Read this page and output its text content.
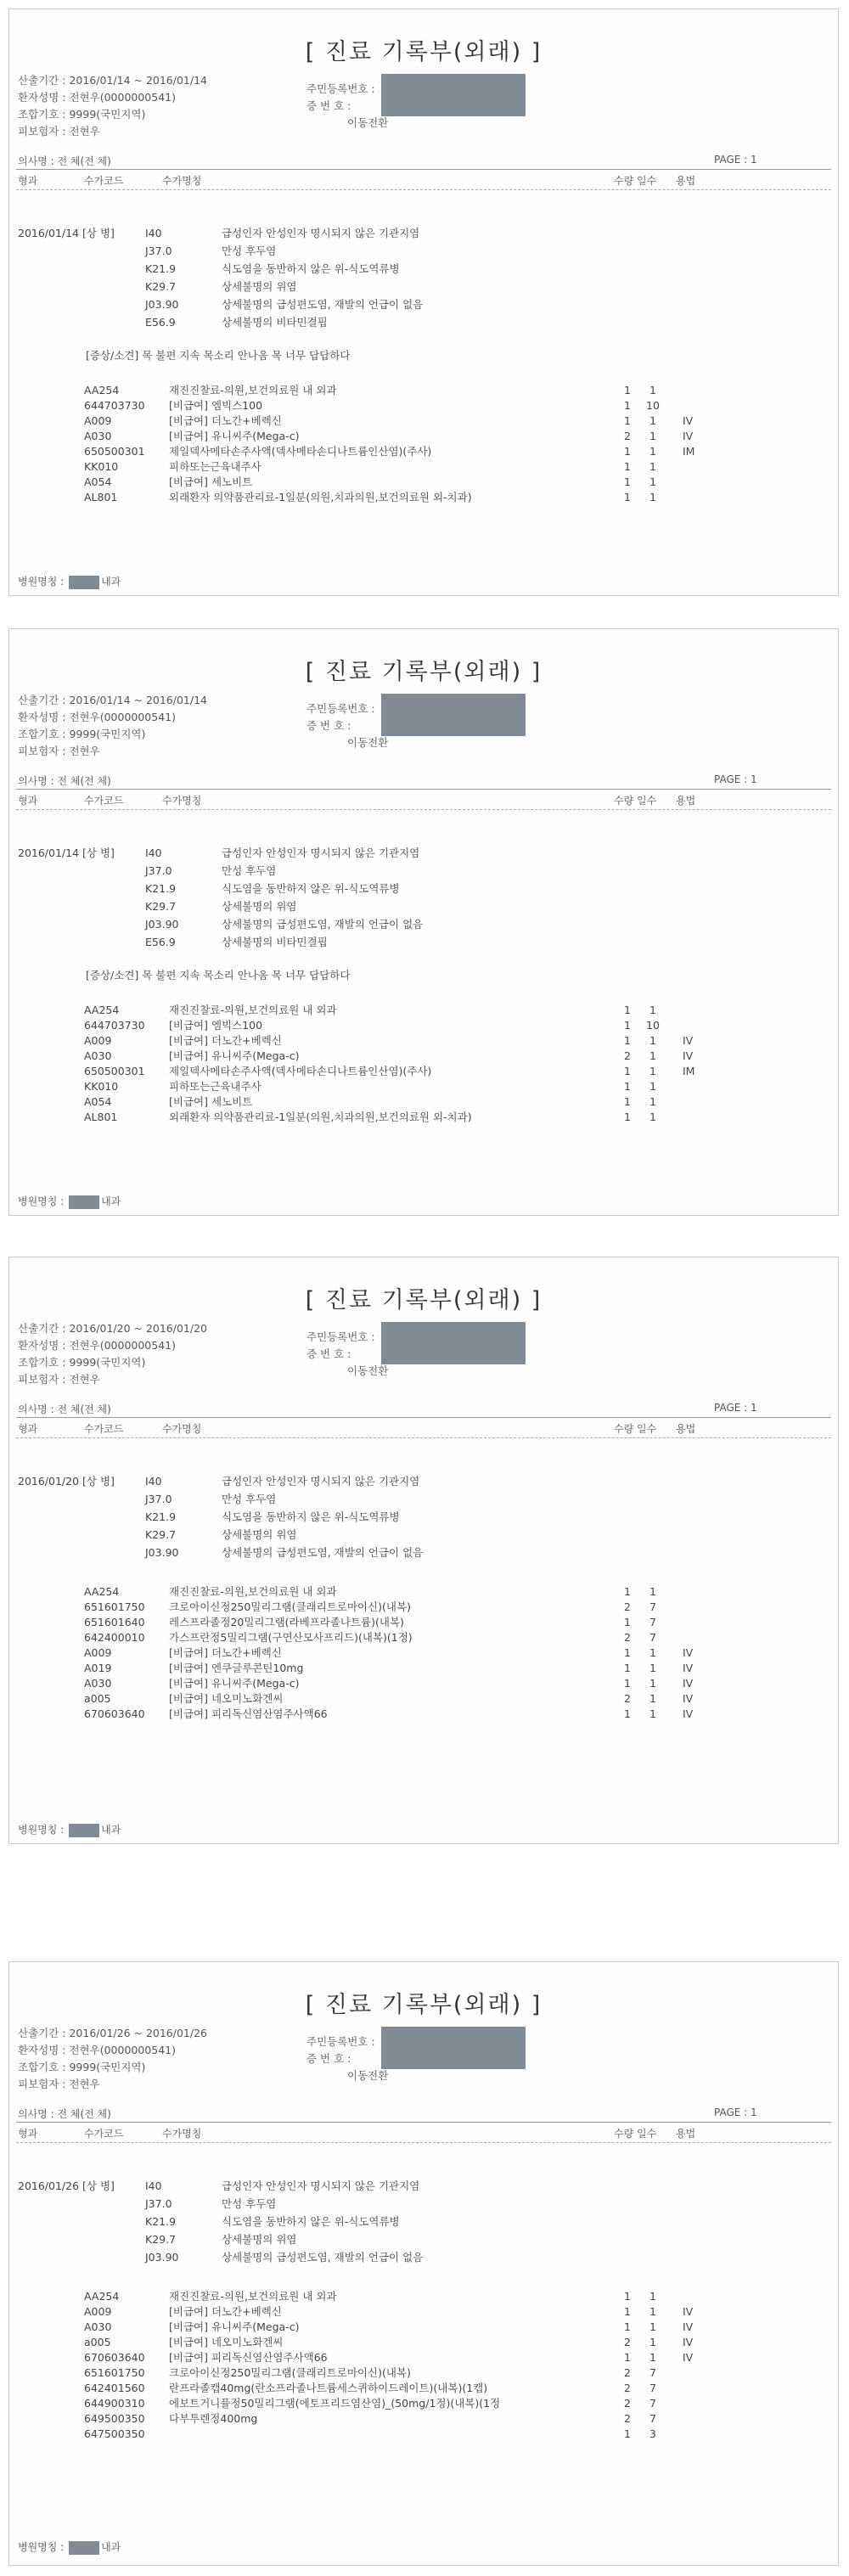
[ 진료 기록부(외래) ]
산출기간 : 2016/01/14 ~ 2016/01/14
환자성명 : 전현우(0000000541)
조합기호 : 9999(국민지역)
피보험자 : 전현우
주민등록번호 :
증 번 호 :
이동전환
의사명 : 전 체(전 체)	PAGE : 1
형과	수가코드	수가명칭	수량 일수 용법
2016/01/14 [상 병]	I40	급성인자 안성인자 명시되지 않은 기관지염
J37.0	만성 후두염
K21.9	식도염을 동반하지 않은 위-식도역류병
K29.7	상세불명의 위염
J03.90	상세불명의 급성편도염, 재발의 언급이 없음
E56.9	상세불명의 비타민결핍
[증상/소견] 목 불편 지속 목소리 안나옴 목 너무 답답하다
AA254	재진진찰료-의원,보건의료원 내 외과	1	1
644703730 [비급여] 엠빅스100	1	10
A009	[비급여] 더노간+베렉신	1	1	IV
A030	[비급여] 유니씨주(Mega-c)	2	1	IV
650500301 제일덱사메타손주사액(덱사메타손디나트륨인산염)(주사)	1	1	IM
KK010	피하또는근육내주사	1	1
A054	[비급여] 세노비트	1	1
AL801	외래환자 의약품관리료-1일분(의원,치과의원,보건의료원 외-치과)	1	1
병원명칭 :	내과
[ 진료 기록부(외래) ]
산출기간 : 2016/01/14 ~ 2016/01/14
환자성명 : 전현우(0000000541)
조합기호 : 9999(국민지역)
피보험자 : 전현우
주민등록번호 :
증 번 호 :
이동전환
의사명 : 전 체(전 체)	PAGE : 1
형과	수가코드	수가명칭	수량 일수 용법
2016/01/14 [상 병]	I40	급성인자 안성인자 명시되지 않은 기관지염
J37.0	만성 후두염
K21.9	식도염을 동반하지 않은 위-식도역류병
K29.7	상세불명의 위염
J03.90	상세불명의 급성편도염, 재발의 언급이 없음
E56.9	상세불명의 비타민결핍
[증상/소견] 목 불편 지속 목소리 안나옴 목 너무 답답하다
AA254	재진진찰료-의원,보건의료원 내 외과	1	1
644703730 [비급여] 엠빅스100	1	10
A009	[비급여] 더노간+베렉신	1	1	IV
A030	[비급여] 유니씨주(Mega-c)	2	1	IV
650500301 제일덱사메타손주사액(덱사메타손디나트륨인산염)(주사)	1	1	IM
KK010	피하또는근육내주사	1	1
A054	[비급여] 세노비트	1	1
AL801	외래환자 의약품관리료-1일분(의원,치과의원,보건의료원 외-치과)	1	1
병원명칭 :	내과
[ 진료 기록부(외래) ]
산출기간 : 2016/01/20 ~ 2016/01/20
환자성명 : 전현우(0000000541)
조합기호 : 9999(국민지역)
피보험자 : 전현우
주민등록번호 :
증 번 호 :
이동전환
의사명 : 전 체(전 체)	PAGE : 1
형과	수가코드	수가명칭	수량 일수 용법
2016/01/20 [상 병]	I40	급성인자 안성인자 명시되지 않은 기관지염
J37.0	만성 후두염
K21.9	식도염을 동반하지 않은 위-식도역류병
K29.7	상세불명의 위염
J03.90	상세불명의 급성편도염, 재발의 언급이 없음
AA254	재진진찰료-의원,보건의료원 내 외과	1	1
651601750 크로아이신정250밀리그램(클래리트로마이신)(내복)	2	7
651601640 레스프라졸정20밀리그램(라베프라졸나트륨)(내복)	1	7
642400010 가스프란정5밀리그램(구연산모사프리드)(내복)(1정)	2	7
A009	[비급여] 더노간+베렉신	1	1	IV
A019	[비급여] 엔쿠글루콘틴10mg	1	1	IV
A030	[비급여] 유니씨주(Mega-c)	1	1	IV
a005	[비급여] 네오미노화겐씨	2	1	IV
670603640 [비급여] 피리독신염산염주사액66	1	1	IV
병원명칭 :	내과
[ 진료 기록부(외래) ]
산출기간 : 2016/01/26 ~ 2016/01/26
환자성명 : 전현우(0000000541)
조합기호 : 9999(국민지역)
피보험자 : 전현우
주민등록번호 :
증 번 호 :
이동전환
의사명 : 전 체(전 체)	PAGE : 1
형과	수가코드	수가명칭	수량 일수 용법
2016/01/26 [상 병]	I40	급성인자 안성인자 명시되지 않은 기관지염
J37.0	만성 후두염
K21.9	식도염을 동반하지 않은 위-식도역류병
K29.7	상세불명의 위염
J03.90	상세불명의 급성편도염, 재발의 언급이 없음
AA254	재진진찰료-의원,보건의료원 내 외과	1	1
A009	[비급여] 더노간+베렉신	1	1	IV
A030	[비급여] 유니씨주(Mega-c)	1	1	IV
a005	[비급여] 네오미노화겐씨	2	1	IV
670603640 [비급여] 피리독신염산염주사액66	1	1	IV
651601750 크로아이신정250밀리그램(클래리트로마이신)(내복)	2	7
642401560 란프라졸캡40mg(란소프라졸나트륨세스퀴하이드레이트)(내복)(1캡)	2	7
644900310 에보트거니퓰정50밀리그램(에토프리드염산염)_(50mg/1정)(내복)(1정	2	7
649500350 다부투렌정400mg	2	7
647500350	1	3
병원명칭 :	내과
